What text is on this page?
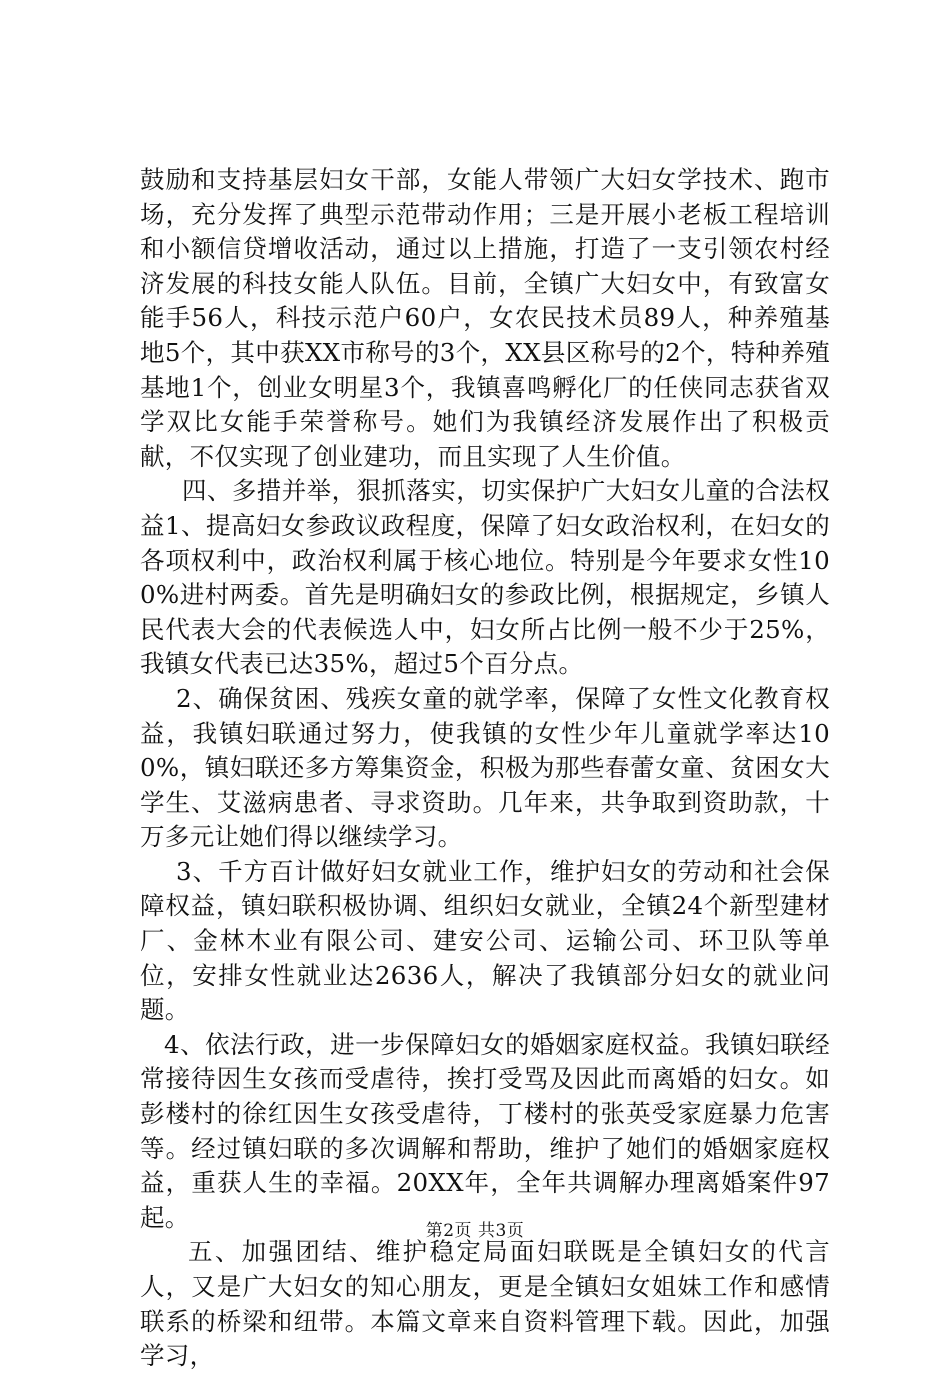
鼓励和支持基层妇女干部，女能人带领广大妇女学技术、跑市场，充分发挥了典型示范带动作用；三是开展小老板工程培训和小额信贷增收活动，通过以上措施，打造了一支引领农村经济发展的科技女能人队伍。目前，全镇广大妇女中，有致富女能手56人，科技示范户60户，女农民技术员89人，种养殖基地5个，其中获XX市称号的3个，XX县区称号的2个，特种养殖基地1个，创业女明星3个，我镇喜鸣孵化厂的任侠同志获省双学双比女能手荣誉称号。她们为我镇经济发展作出了积极贡献，不仅实现了创业建功，而且实现了人生价值。

四、多措并举，狠抓落实，切实保护广大妇女儿童的合法权益1、提高妇女参政议政程度，保障了妇女政治权利，在妇女的各项权利中，政治权利属于核心地位。特别是今年要求女性100%进村两委。首先是明确妇女的参政比例，根据规定，乡镇人民代表大会的代表候选人中，妇女所占比例一般不少于25%，我镇女代表已达35%，超过5个百分点。

2、确保贫困、残疾女童的就学率，保障了女性文化教育权益，我镇妇联通过努力，使我镇的女性少年儿童就学率达100%，镇妇联还多方筹集资金，积极为那些春蕾女童、贫困女大学生、艾滋病患者、寻求资助。几年来，共争取到资助款，十万多元让她们得以继续学习。

3、千方百计做好妇女就业工作，维护妇女的劳动和社会保障权益，镇妇联积极协调、组织妇女就业，全镇24个新型建材厂、金林木业有限公司、建安公司、运输公司、环卫队等单位，安排女性就业达2636人，解决了我镇部分妇女的就业问题。

4、依法行政，进一步保障妇女的婚姻家庭权益。我镇妇联经常接待因生女孩而受虐待，挨打受骂及因此而离婚的妇女。如彭楼村的徐红因生女孩受虐待，丁楼村的张英受家庭暴力危害等。经过镇妇联的多次调解和帮助，维护了她们的婚姻家庭权益，重获人生的幸福。20XX年，全年共调解办理离婚案件97起。

五、加强团结、维护稳定局面妇联既是全镇妇女的代言人，又是广大妇女的知心朋友，更是全镇妇女姐妹工作和感情联系的桥梁和纽带。本篇文章来自资料管理下载。因此，加强学习，

第2页 共3页
